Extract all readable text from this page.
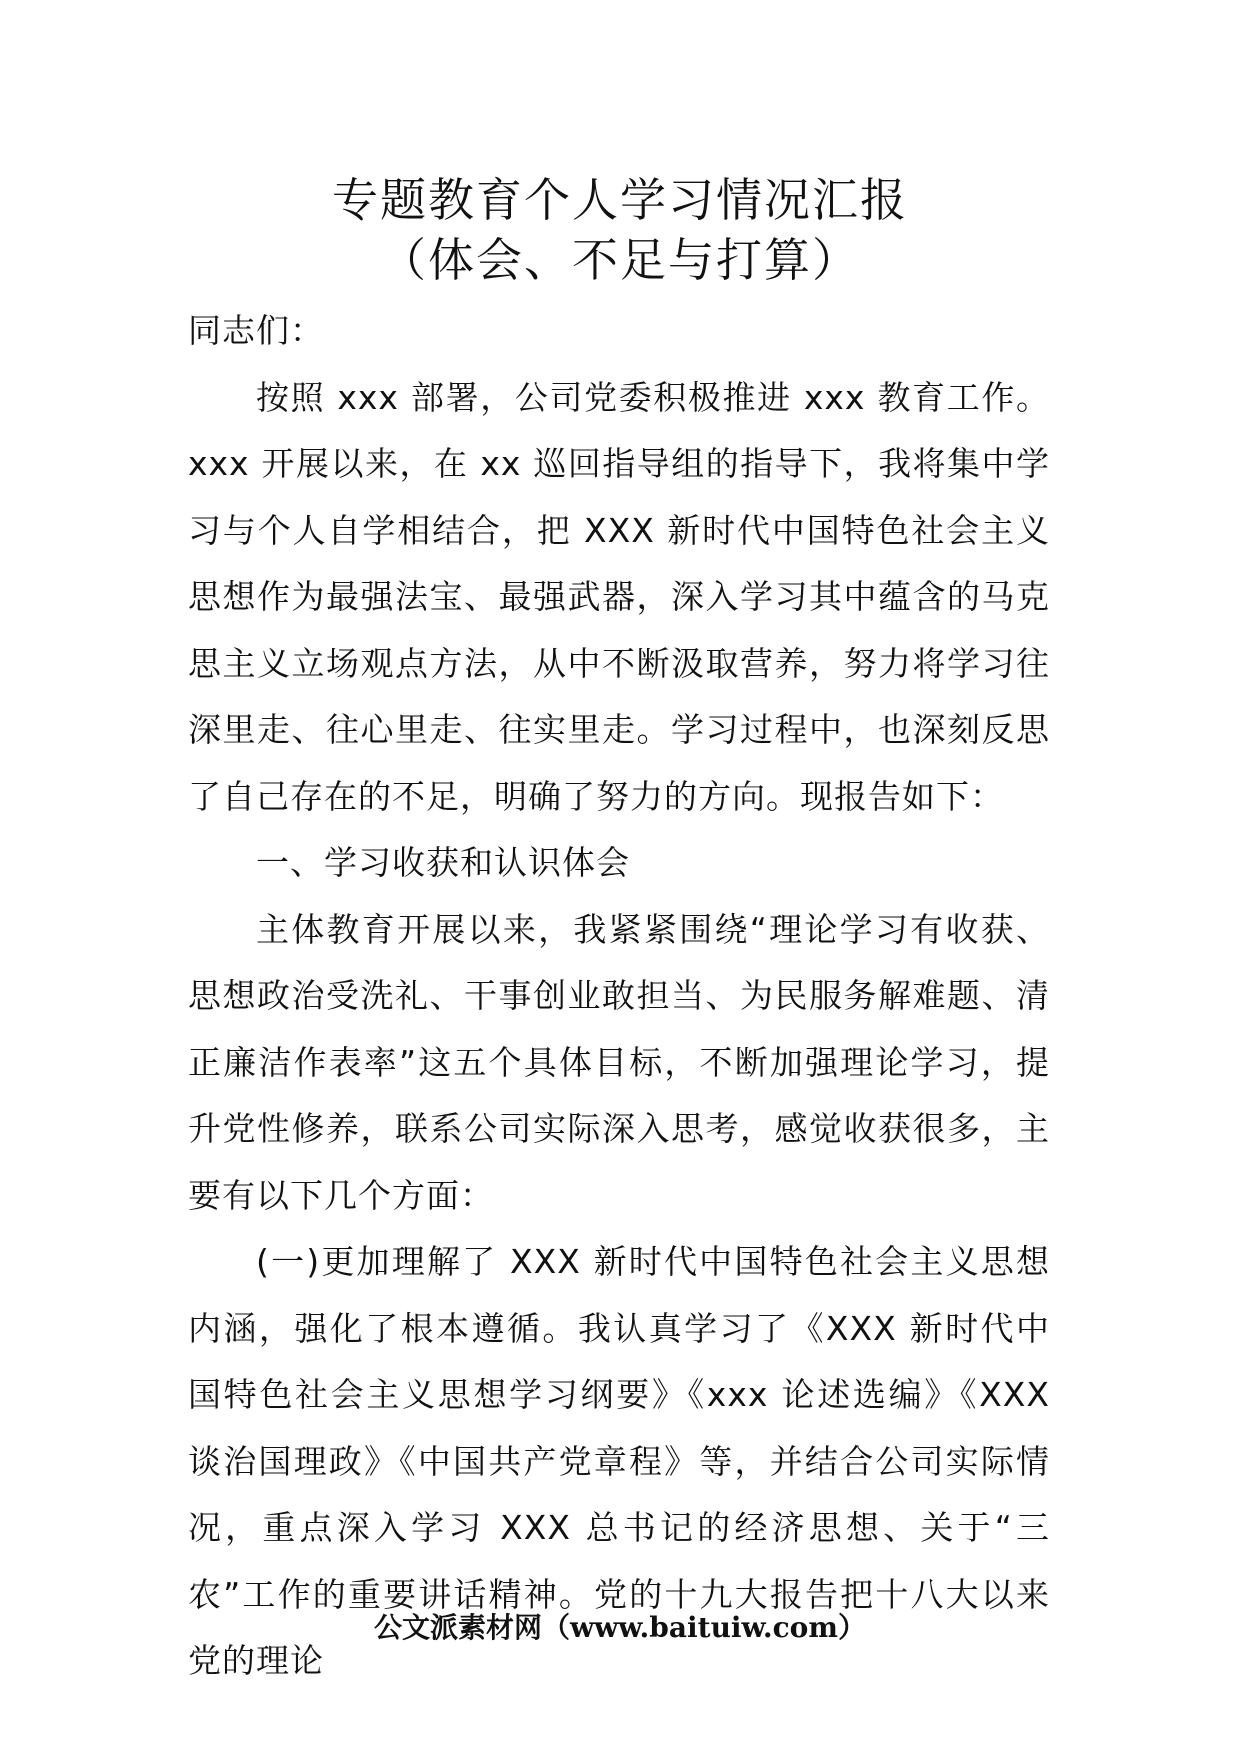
专题教育个人学习情况汇报
（体会、不足与打算）

同志们：

按照 xxx 部署，公司党委积极推进 xxx 教育工作。xxx 开展以来，在 xx 巡回指导组的指导下，我将集中学习与个人自学相结合，把 XXX 新时代中国特色社会主义思想作为最强法宝、最强武器，深入学习其中蕴含的马克思主义立场观点方法，从中不断汲取营养，努力将学习往深里走、往心里走、往实里走。学习过程中，也深刻反思了自己存在的不足，明确了努力的方向。现报告如下：

一、学习收获和认识体会

主体教育开展以来，我紧紧围绕“理论学习有收获、思想政治受洗礼、干事创业敢担当、为民服务解难题、清正廉洁作表率”这五个具体目标，不断加强理论学习，提升党性修养，联系公司实际深入思考，感觉收获很多，主要有以下几个方面：

(一)更加理解了 XXX 新时代中国特色社会主义思想内涵，强化了根本遵循。我认真学习了《XXX 新时代中国特色社会主义思想学习纲要》《xxx 论述选编》《XXX 谈治国理政》《中国共产党章程》等，并结合公司实际情况，重点深入学习 XXX 总书记的经济思想、关于“三农”工作的重要讲话精神。党的十九大报告把十八大以来党的理论

公文派素材网（www.baituiw.com）
